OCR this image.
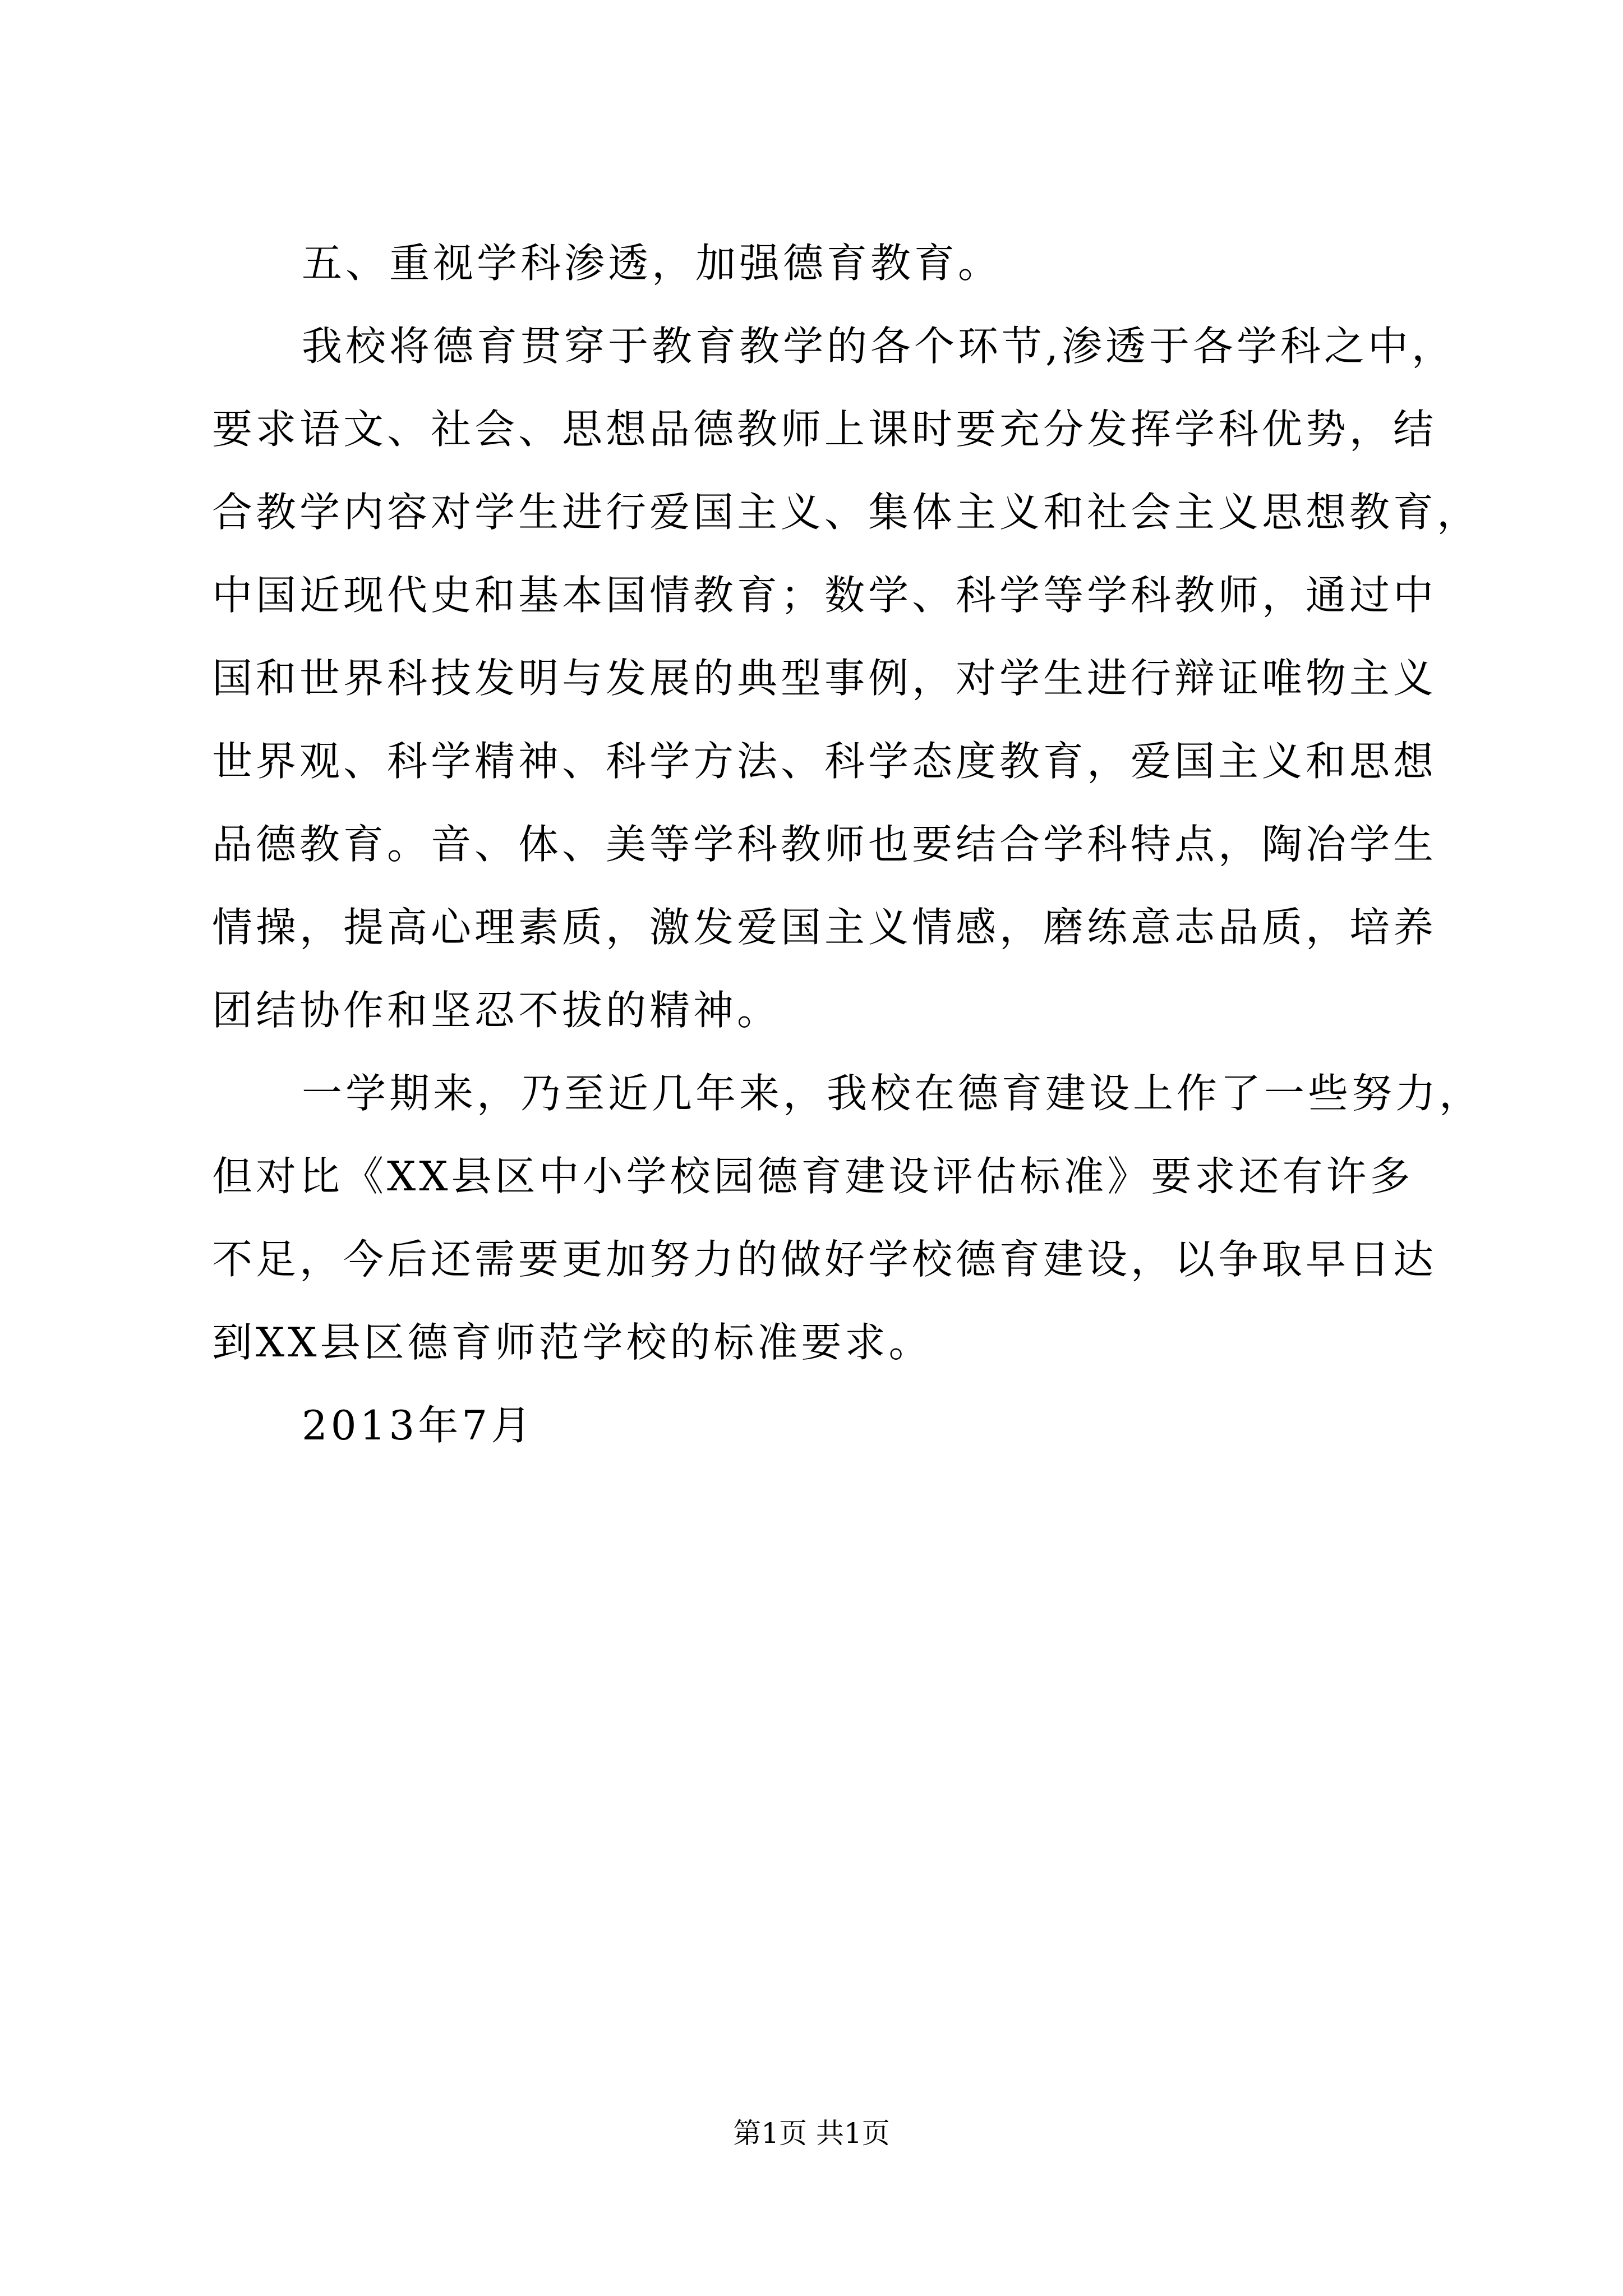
五、重视学科渗透，加强德育教育。
我校将德育贯穿于教育教学的各个环节,渗透于各学科之中，
要求语文、社会、思想品德教师上课时要充分发挥学科优势，结
合教学内容对学生进行爱国主义、集体主义和社会主义思想教育，
中国近现代史和基本国情教育；数学、科学等学科教师，通过中
国和世界科技发明与发展的典型事例，对学生进行辩证唯物主义
世界观、科学精神、科学方法、科学态度教育，爱国主义和思想
品德教育。音、体、美等学科教师也要结合学科特点，陶冶学生
情操，提高心理素质，激发爱国主义情感，磨练意志品质，培养
团结协作和坚忍不拔的精神。
一学期来，乃至近几年来，我校在德育建设上作了一些努力，
但对比《XX县区中小学校园德育建设评估标准》要求还有许多
不足，今后还需要更加努力的做好学校德育建设，以争取早日达
到XX县区德育师范学校的标准要求。
2013年7月
第1页 共1页
